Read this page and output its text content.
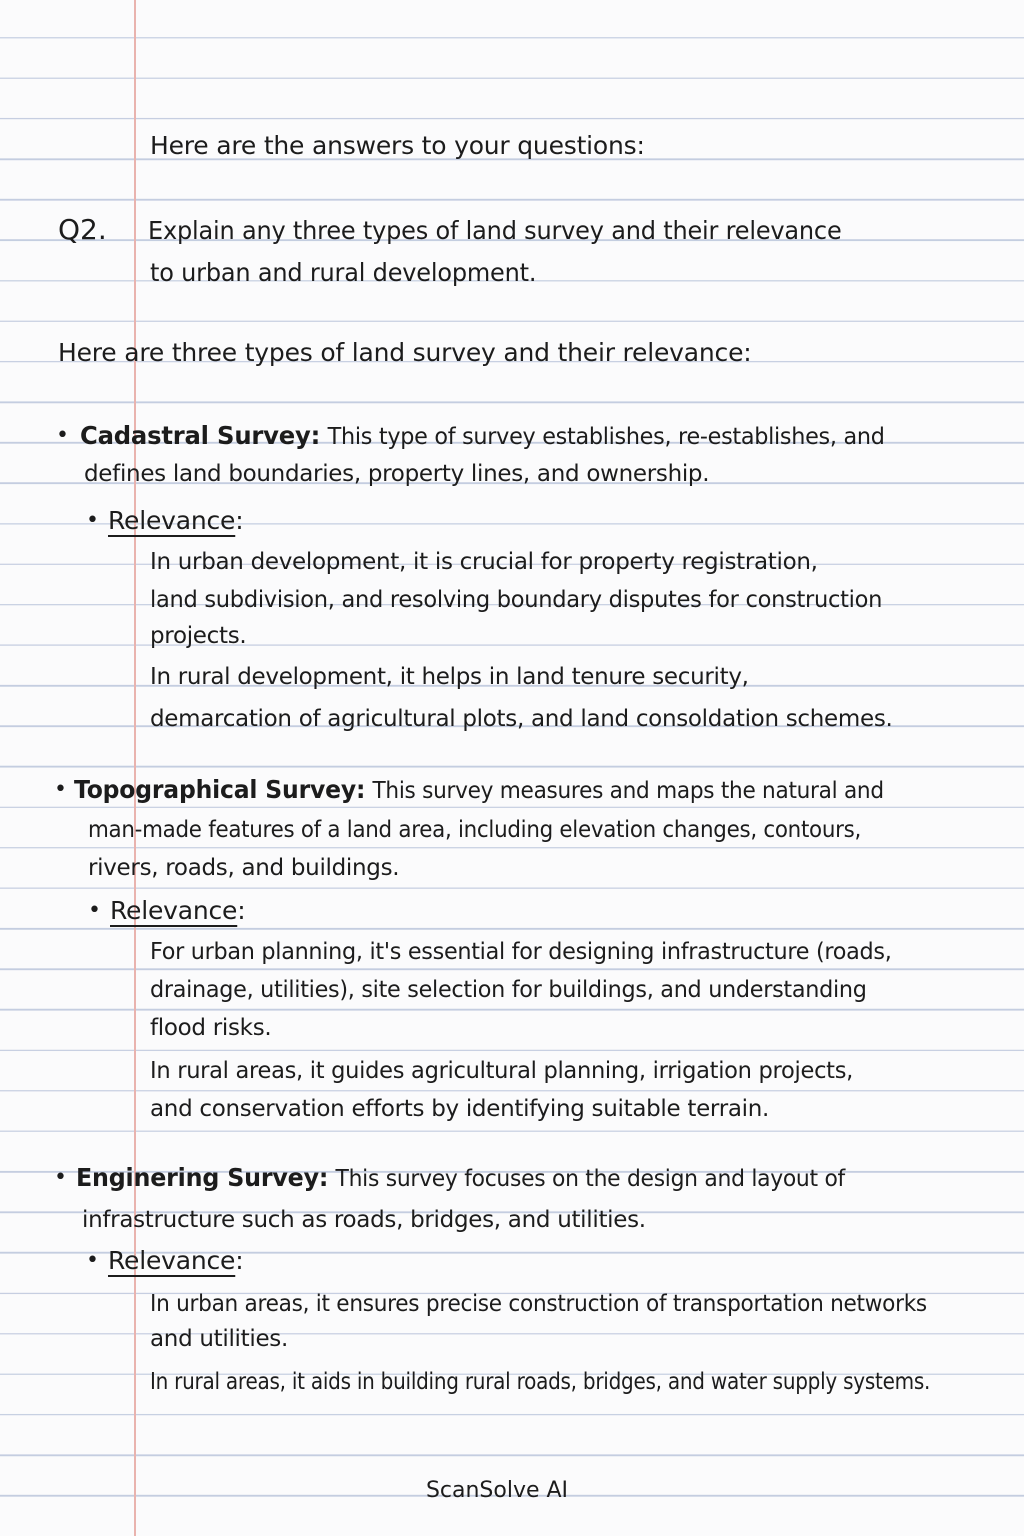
Here are the answers to your questions:
Q2. Explain any three types of land survey and their relevance
to urban and rural development.
Here are three types of land survey and their relevance:
• Cadastral Survey: This type of survey establishes, re-establishes, and
defines land boundaries, property lines, and ownership.
• Relevance:
In urban development, it is crucial for property registration,
land subdivision, and resolving boundary disputes for construction
projects.
In rural development, it helps in land tenure security,
demarcation of agricultural plots, and land consoldation schemes.
• Topographical Survey: This survey measures and maps the natural and
man-made features of a land area, including elevation changes, contours,
rivers, roads, and buildings.
• Relevance:
For urban planning, it's essential for designing infrastructure (roads,
drainage, utilities), site selection for buildings, and understanding
flood risks.
In rural areas, it guides agricultural planning, irrigation projects,
and conservation efforts by identifying suitable terrain.
• Enginering Survey: This survey focuses on the design and layout of
infrastructure such as roads, bridges, and utilities.
• Relevance:
In urban areas, it ensures precise construction of transportation networks
and utilities.
In rural areas, it aids in building rural roads, bridges, and water supply systems.
ScanSolve AI
